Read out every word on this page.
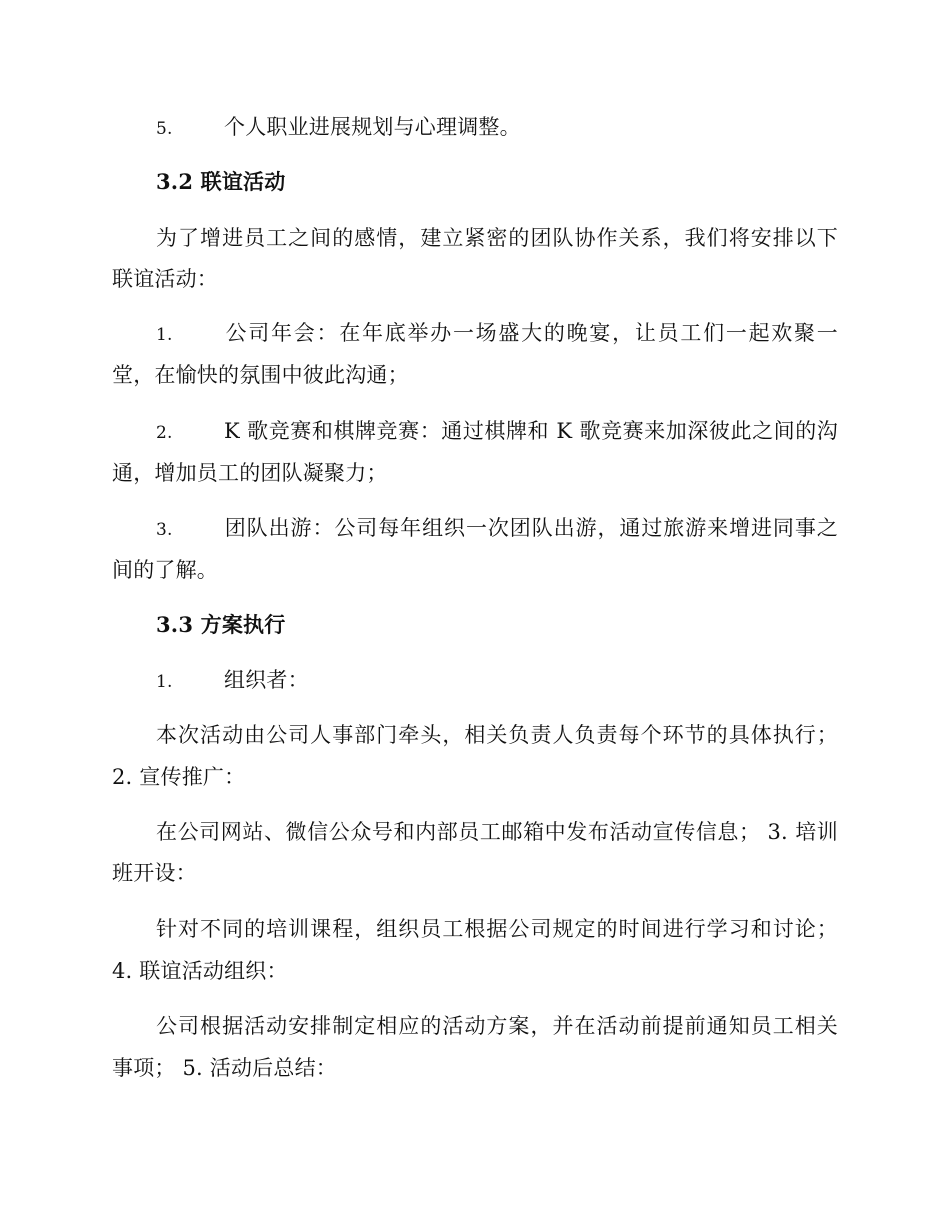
5. 个人职业进展规划与心理调整。
3.2 联谊活动
为了增进员工之间的感情，建立紧密的团队协作关系，我们将安排以下
联谊活动：
1. 公司年会：在年底举办一场盛大的晚宴，让员工们一起欢聚一
堂，在愉快的氛围中彼此沟通；
2. K 歌竞赛和棋牌竞赛：通过棋牌和 K 歌竞赛来加深彼此之间的沟
通，增加员工的团队凝聚力；
3. 团队出游：公司每年组织一次团队出游，通过旅游来增进同事之
间的了解。
3.3 方案执行
1. 组织者：
本次活动由公司人事部门牵头，相关负责人负责每个环节的具体执行；
2. 宣传推广：
在公司网站、微信公众号和内部员工邮箱中发布活动宣传信息； 3. 培训
班开设：
针对不同的培训课程，组织员工根据公司规定的时间进行学习和讨论；
4. 联谊活动组织：
公司根据活动安排制定相应的活动方案，并在活动前提前通知员工相关
事项； 5. 活动后总结：
